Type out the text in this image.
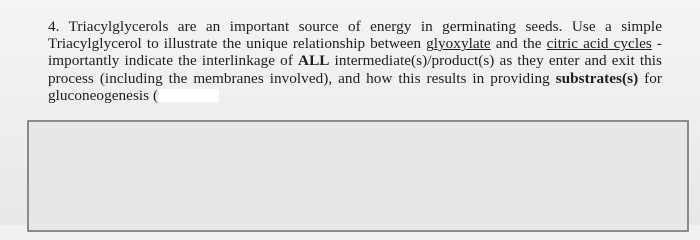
4. Triacylglycerols are an important source of energy in germinating seeds. Use a simple Triacylglycerol to illustrate the unique relationship between glyoxylate and the citric acid cycles - importantly indicate the interlinkage of ALL intermediate(s)/product(s) as they enter and exit this process (including the membranes involved), and how this results in providing substrates(s) for gluconeogenesis (
